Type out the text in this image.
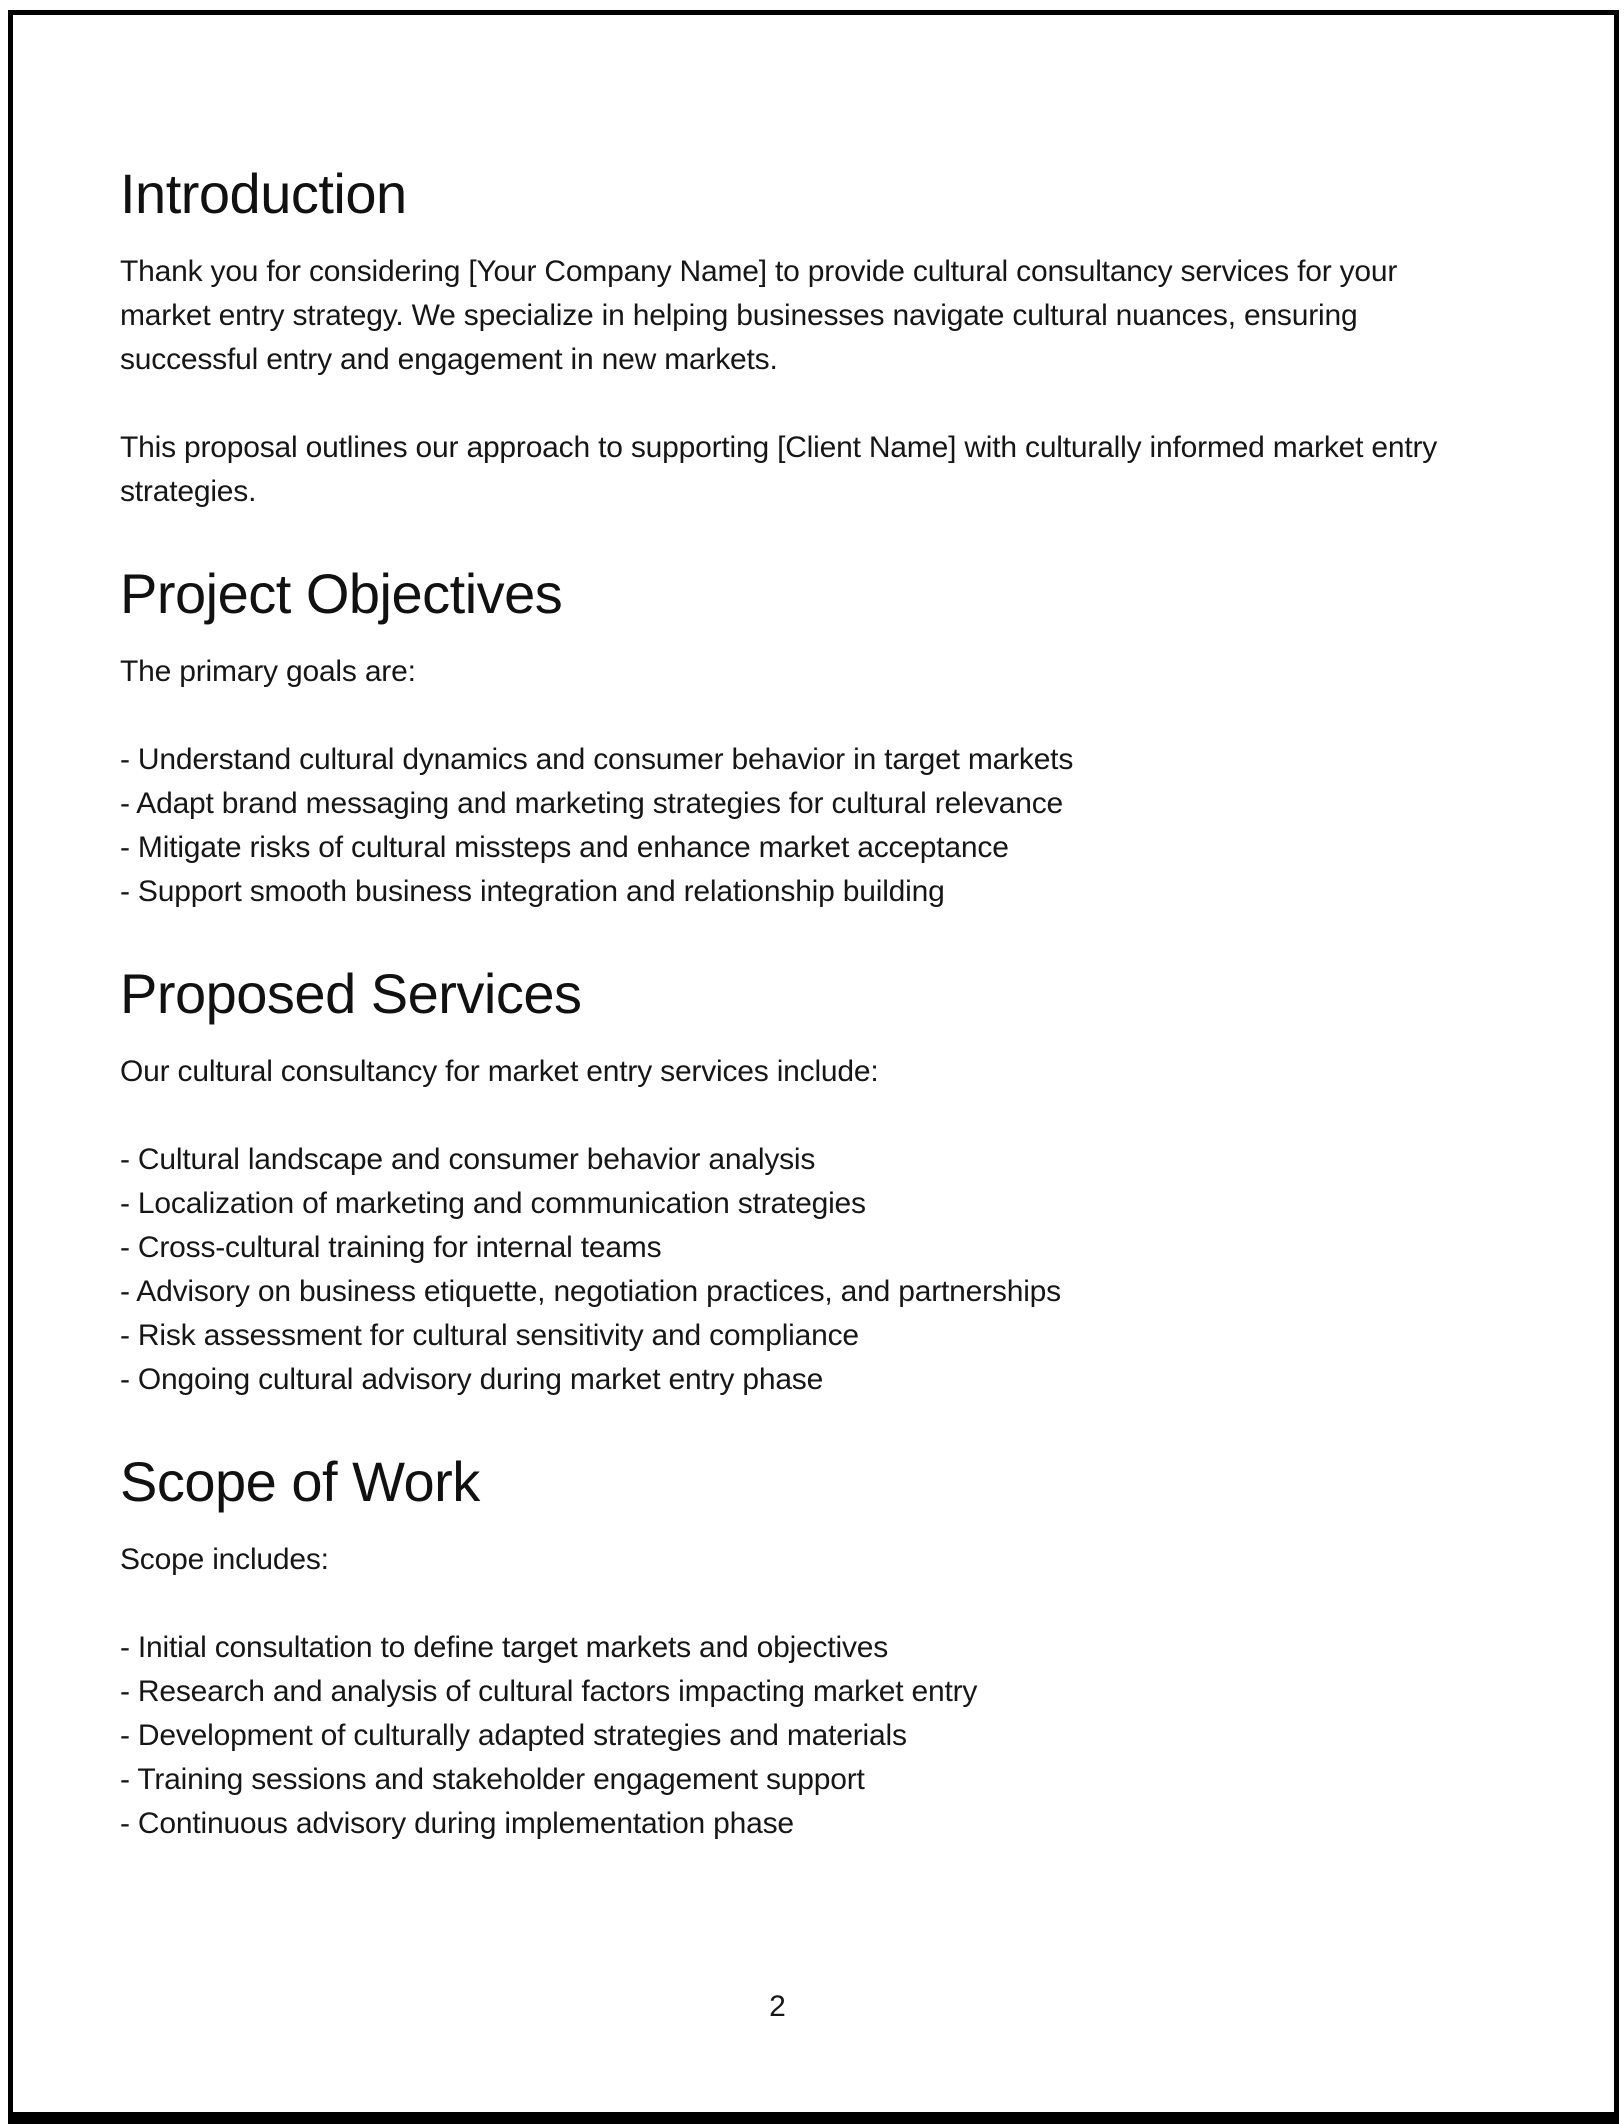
Introduction
Thank you for considering [Your Company Name] to provide cultural consultancy services for your
market entry strategy. We specialize in helping businesses navigate cultural nuances, ensuring
successful entry and engagement in new markets.
This proposal outlines our approach to supporting [Client Name] with culturally informed market entry
strategies.
Project Objectives
The primary goals are:
- Understand cultural dynamics and consumer behavior in target markets
- Adapt brand messaging and marketing strategies for cultural relevance
- Mitigate risks of cultural missteps and enhance market acceptance
- Support smooth business integration and relationship building
Proposed Services
Our cultural consultancy for market entry services include:
- Cultural landscape and consumer behavior analysis
- Localization of marketing and communication strategies
- Cross-cultural training for internal teams
- Advisory on business etiquette, negotiation practices, and partnerships
- Risk assessment for cultural sensitivity and compliance
- Ongoing cultural advisory during market entry phase
Scope of Work
Scope includes:
- Initial consultation to define target markets and objectives
- Research and analysis of cultural factors impacting market entry
- Development of culturally adapted strategies and materials
- Training sessions and stakeholder engagement support
- Continuous advisory during implementation phase
2
